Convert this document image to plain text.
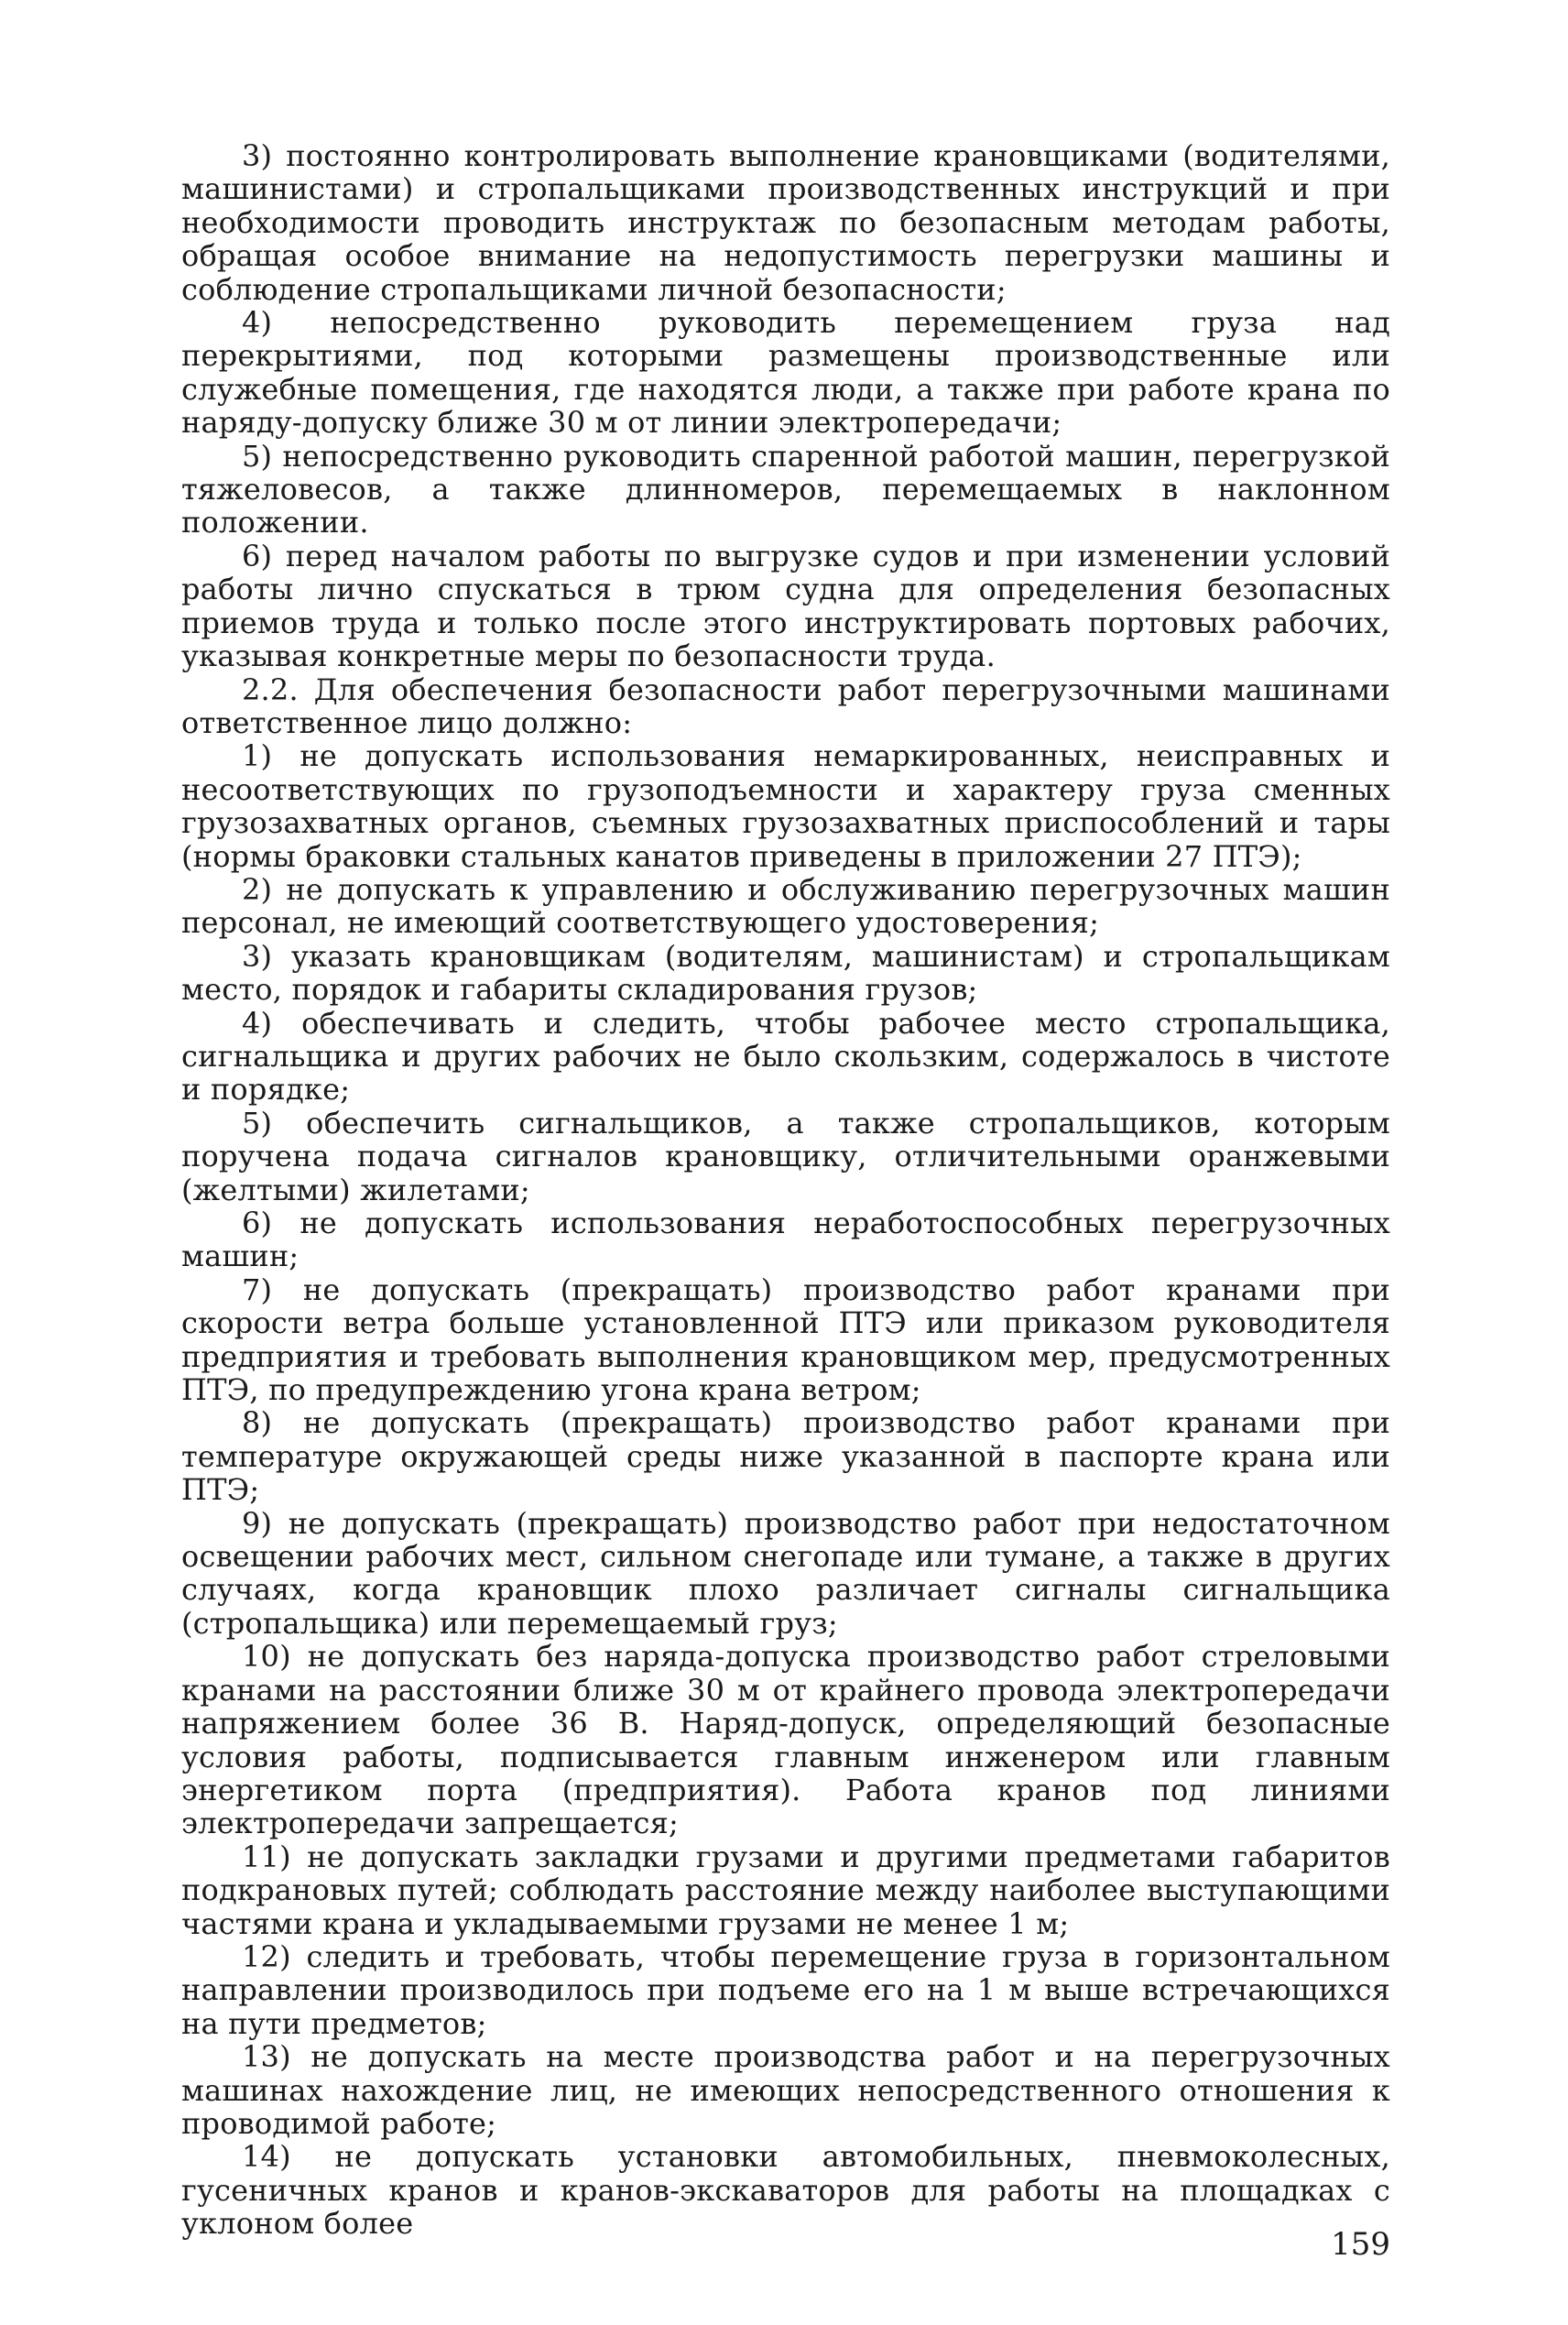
3) постоянно контролировать выполнение крановщиками (водителями, машинистами) и стропальщиками производственных инструкций и при необходимости проводить инструктаж по безопасным методам работы, обращая особое внимание на недопустимость перегрузки машины и соблюдение стропальщиками личной безопасности;

4) непосредственно руководить перемещением груза над перекрытиями, под которыми размещены производственные или служебные помещения, где находятся люди, а также при работе крана по наряду-допуску ближе 30 м от линии электропередачи;

5) непосредственно руководить спаренной работой машин, перегрузкой тяжеловесов, а также длинномеров, перемещаемых в наклонном положении.

6) перед началом работы по выгрузке судов и при изменении условий работы лично спускаться в трюм судна для определения безопасных приемов труда и только после этого инструктировать портовых рабочих, указывая конкретные меры по безопасности труда.

2.2. Для обеспечения безопасности работ перегрузочными машинами ответственное лицо должно:

1) не допускать использования немаркированных, неисправных и несоответствующих по грузоподъемности и характеру груза сменных грузозахватных органов, съемных грузозахватных приспособлений и тары (нормы браковки стальных канатов приведены в приложении 27 ПТЭ);

2) не допускать к управлению и обслуживанию перегрузочных машин персонал, не имеющий соответствующего удостоверения;

3) указать крановщикам (водителям, машинистам) и стропальщикам место, порядок и габариты складирования грузов;

4) обеспечивать и следить, чтобы рабочее место стропальщика, сигнальщика и других рабочих не было скользким, содержалось в чистоте и порядке;

5) обеспечить сигнальщиков, а также стропальщиков, которым поручена подача сигналов крановщику, отличительными оранжевыми (желтыми) жилетами;

6) не допускать использования неработоспособных перегрузочных машин;

7) не допускать (прекращать) производство работ кранами при скорости ветра больше установленной ПТЭ или приказом руководителя предприятия и требовать выполнения крановщиком мер, предусмотренных ПТЭ, по предупреждению угона крана ветром;

8) не допускать (прекращать) производство работ кранами при температуре окружающей среды ниже указанной в паспорте крана или ПТЭ;

9) не допускать (прекращать) производство работ при недостаточном освещении рабочих мест, сильном снегопаде или тумане, а также в других случаях, когда крановщик плохо различает сигналы сигнальщика (стропальщика) или перемещаемый груз;

10) не допускать без наряда-допуска производство работ стреловыми кранами на расстоянии ближе 30 м от крайнего провода электропередачи напряжением более 36 В. Наряд-допуск, определяющий безопасные условия работы, подписывается главным инженером или главным энергетиком порта (предприятия). Работа кранов под линиями электропередачи запрещается;

11) не допускать закладки грузами и другими предметами габаритов подкрановых путей; соблюдать расстояние между наиболее выступающими частями крана и укладываемыми грузами не менее 1 м;

12) следить и требовать, чтобы перемещение груза в горизонтальном направлении производилось при подъеме его на 1 м выше встречающихся на пути предметов;

13) не допускать на месте производства работ и на перегрузочных машинах нахождение лиц, не имеющих непосредственного отношения к проводимой работе;

14) не допускать установки автомобильных, пневмоколесных, гусеничных кранов и кранов-экскаваторов для работы на площадках с уклоном более

159
